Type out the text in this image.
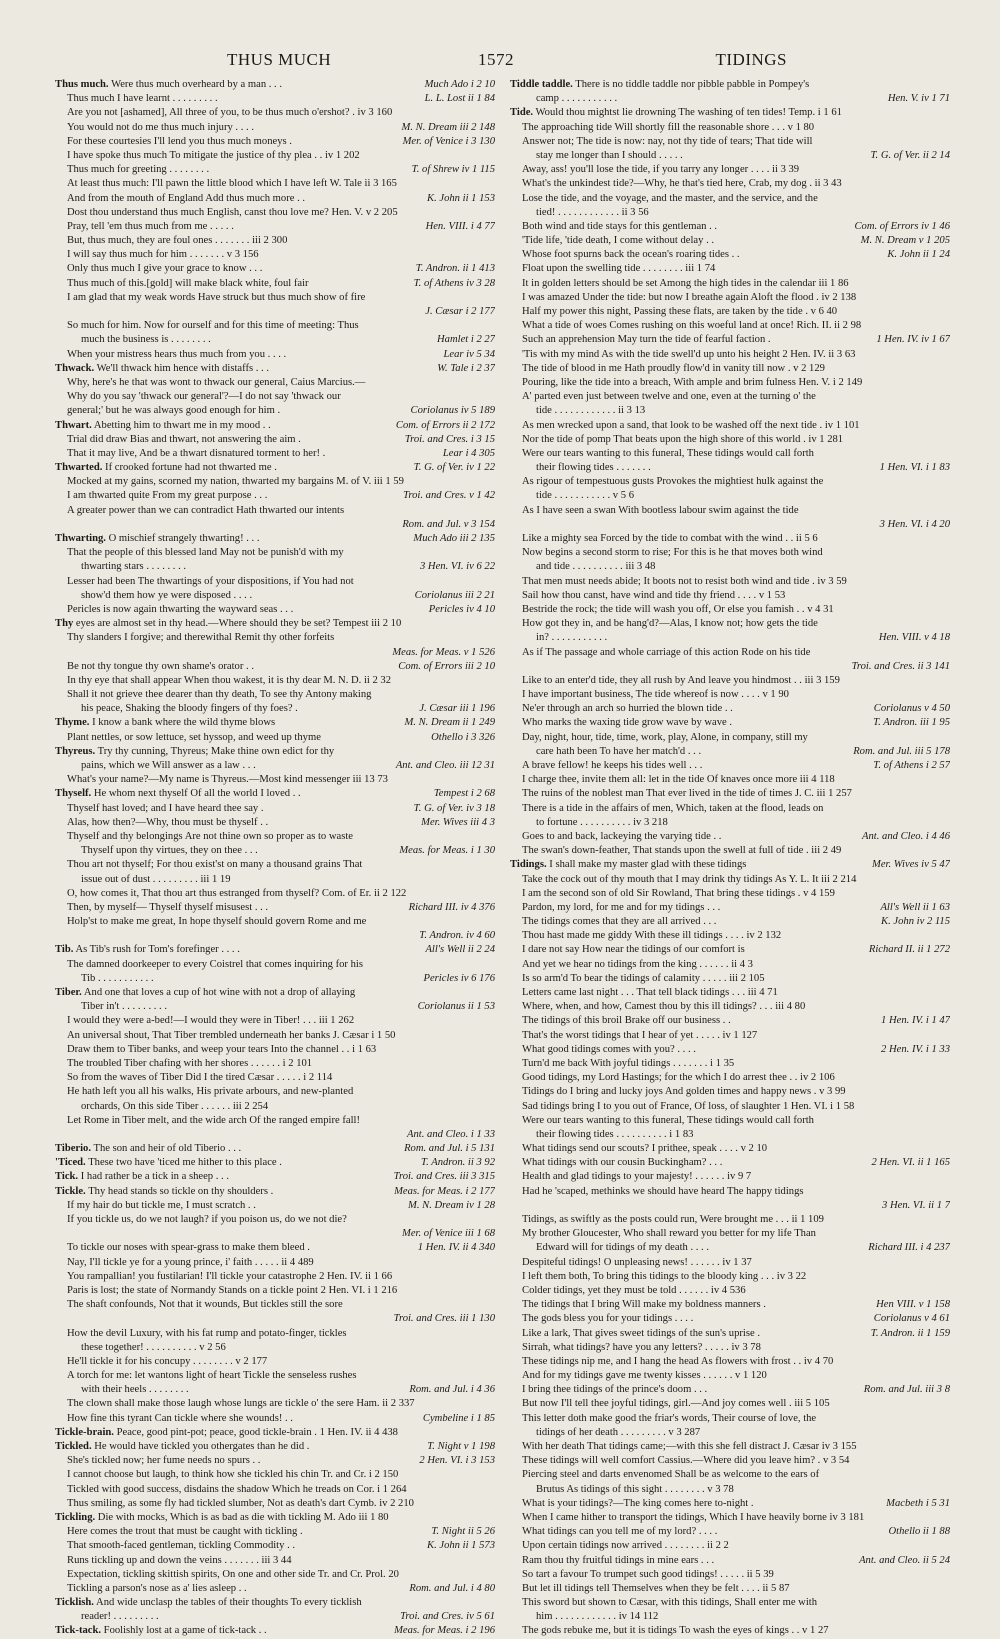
THUS MUCH	1572	TIDINGS
Thus much. Were thus much overheard by a man . . .	Much Ado i 2 10
Thus much I have learnt . . . . . . . . .	L. L. Lost ii 1 84
Are you not [ashamed], All three of you, to be thus much o'ershot? . iv 3 160
You would not do me thus much injury . . . .	M. N. Dream iii 2 148
For these courtesies I'll lend you thus much moneys .	Mer. of Venice i 3 130
I have spoke thus much To mitigate the justice of thy plea . . iv 1 202
Thus much for greeting . . . . . . . .	T. of Shrew iv 1 115
At least thus much: I'll pawn the little blood which I have left W. Tale ii 3 165
And from the mouth of England Add thus much more . .	K. John ii 1 153
Dost thou understand thus much English, canst thou love me? Hen. V. v 2 205
Pray, tell 'em thus much from me . . . . .	Hen. VIII. i 4 77
But, thus much, they are foul ones . . . . . . . iii 2 300
I will say thus much for him . . . . . . . v 3 156
Only thus much I give your grace to know . . .	T. Andron. ii 1 413
Thus much of this.[gold] will make black white, foul fair	T. of Athens iv 3 28
I am glad that my weak words Have struck but thus much show of fire
J. Cæsar i 2 177
So much for him. Now for ourself and for this time of meeting: Thus
much the business is . . . . . . . .	Hamlet i 2 27
When your mistress hears thus much from you . . . .	Lear iv 5 34
Thwack. We'll thwack him hence with distaffs . . .	W. Tale i 2 37
Why, here's he that was wont to thwack our general, Caius Marcius.—
Why do you say 'thwack our general'?—I do not say 'thwack our
general;' but he was always good enough for him .	Coriolanus iv 5 189
Thwart. Abetting him to thwart me in my mood . .	Com. of Errors ii 2 172
Trial did draw Bias and thwart, not answering the aim .	Troi. and Cres. i 3 15
That it may live, And be a thwart disnatured torment to her! .	Lear i 4 305
Thwarted. If crooked fortune had not thwarted me .	T. G. of Ver. iv 1 22
Mocked at my gains, scorned my nation, thwarted my bargains M. of V. iii 1 59
I am thwarted quite From my great purpose . . .	Troi. and Cres. v 1 42
A greater power than we can contradict Hath thwarted our intents
Rom. and Jul. v 3 154
Thwarting. O mischief strangely thwarting! . . .	Much Ado iii 2 135
That the people of this blessed land May not be punish'd with my
thwarting stars . . . . . . . .	3 Hen. VI. iv 6 22
Lesser had been The thwartings of your dispositions, if You had not
show'd them how ye were disposed . . . .	Coriolanus iii 2 21
Pericles is now again thwarting the wayward seas . . .	Pericles iv 4 10
Thy eyes are almost set in thy head.—Where should they be set? Tempest iii 2 10
Thy slanders I forgive; and therewithal Remit thy other forfeits
Meas. for Meas. v 1 526
Be not thy tongue thy own shame's orator . .	Com. of Errors iii 2 10
In thy eye that shall appear When thou wakest, it is thy dear M. N. D. ii 2 32
Shall it not grieve thee dearer than thy death, To see thy Antony making
his peace, Shaking the bloody fingers of thy foes? .	J. Cæsar iii 1 196
Thyme. I know a bank where the wild thyme blows	M. N. Dream ii 1 249
Plant nettles, or sow lettuce, set hyssop, and weed up thyme	Othello i 3 326
Thyreus. Try thy cunning, Thyreus; Make thine own edict for thy
pains, which we Will answer as a law . . .	Ant. and Cleo. iii 12 31
What's your name?—My name is Thyreus.—Most kind messenger iii 13 73
Thyself. He whom next thyself Of all the world I loved . .	Tempest i 2 68
Thyself hast loved; and I have heard thee say .	T. G. of Ver. iv 3 18
Alas, how then?—Why, thou must be thyself . .	Mer. Wives iii 4 3
Thyself and thy belongings Are not thine own so proper as to waste
Thyself upon thy virtues, they on thee . . .	Meas. for Meas. i 1 30
Thou art not thyself; For thou exist'st on many a thousand grains That
issue out of dust . . . . . . . . . iii 1 19
O, how comes it, That thou art thus estranged from thyself? Com. of Er. ii 2 122
Then, by myself— Thyself thyself misusest . . .	Richard III. iv 4 376
Holp'st to make me great, In hope thyself should govern Rome and me
T. Andron. iv 4 60
Tib. As Tib's rush for Tom's forefinger . . . .	All's Well ii 2 24
The damned doorkeeper to every Coistrel that comes inquiring for his
Tib . . . . . . . . . . .	Pericles iv 6 176
Tiber. And one that loves a cup of hot wine with not a drop of allaying
Tiber in't . . . . . . . . .	Coriolanus ii 1 53
I would they were a-bed!—I would they were in Tiber! . . . iii 1 262
An universal shout, That Tiber trembled underneath her banks J. Cæsar i 1 50
Draw them to Tiber banks, and weep your tears Into the channel . . i 1 63
The troubled Tiber chafing with her shores . . . . . . i 2 101
So from the waves of Tiber Did I the tired Cæsar . . . . . i 2 114
He hath left you all his walks, His private arbours, and new-planted
orchards, On this side Tiber . . . . . . iii 2 254
Let Rome in Tiber melt, and the wide arch Of the ranged empire fall!
Ant. and Cleo. i 1 33
Tiberio. The son and heir of old Tiberio . . .	Rom. and Jul. i 5 131
'Ticed. These two have 'ticed me hither to this place .	T. Andron. ii 3 92
Tick. I had rather be a tick in a sheep . . .	Troi. and Cres. iii 3 315
Tickle. Thy head stands so tickle on thy shoulders .	Meas. for Meas. i 2 177
If my hair do but tickle me, I must scratch . .	M. N. Dream iv 1 28
If you tickle us, do we not laugh? if you poison us, do we not die?
Mer. of Venice iii 1 68
To tickle our noses with spear-grass to make them bleed .	1 Hen. IV. ii 4 340
Nay, I'll tickle ye for a young prince, i' faith . . . . . ii 4 489
You rampallian! you fustilarian! I'll tickle your catastrophe 2 Hen. IV. ii 1 66
Paris is lost; the state of Normandy Stands on a tickle point 2 Hen. VI. i 1 216
The shaft confounds, Not that it wounds, But tickles still the sore
Troi. and Cres. iii 1 130
How the devil Luxury, with his fat rump and potato-finger, tickles
these together! . . . . . . . . . . v 2 56
He'll tickle it for his concupy . . . . . . . . v 2 177
A torch for me: let wantons light of heart Tickle the senseless rushes
with their heels . . . . . . . .	Rom. and Jul. i 4 36
The clown shall make those laugh whose lungs are tickle o' the sere Ham. ii 2 337
How fine this tyrant Can tickle where she wounds! . .	Cymbeline i 1 85
Tickle-brain. Peace, good pint-pot; peace, good tickle-brain . 1 Hen. IV. ii 4 438
Tickled. He would have tickled you othergates than he did .	T. Night v 1 198
She's tickled now; her fume needs no spurs . .	2 Hen. VI. i 3 153
I cannot choose but laugh, to think how she tickled his chin Tr. and Cr. i 2 150
Tickled with good success, disdains the shadow Which he treads on Cor. i 1 264
Thus smiling, as some fly had tickled slumber, Not as death's dart Cymb. iv 2 210
Tickling. Die with mocks, Which is as bad as die with tickling M. Ado iii 1 80
Here comes the trout that must be caught with tickling .	T. Night ii 5 26
That smooth-faced gentleman, tickling Commodity . .	K. John ii 1 573
Runs tickling up and down the veins . . . . . . . iii 3 44
Expectation, tickling skittish spirits, On one and other side Tr. and Cr. Prol. 20
Tickling a parson's nose as a' lies asleep . .	Rom. and Jul. i 4 80
Ticklish. And wide unclasp the tables of their thoughts To every ticklish
reader! . . . . . . . . .	Troi. and Cres. iv 5 61
Tick-tack. Foolishly lost at a game of tick-tack . .	Meas. for Meas. i 2 196
Tiddle taddle. There is no tiddle taddle nor pibble pabble in Pompey's
camp . . . . . . . . . . .	Hen. V. iv 1 71
Tide. Would thou mightst lie drowning The washing of ten tides! Temp. i 1 61
The approaching tide Will shortly fill the reasonable shore . . . v 1 80
Answer not; The tide is now: nay, not thy tide of tears; That tide will
stay me longer than I should . . . . .	T. G. of Ver. ii 2 14
Away, ass! you'll lose the tide, if you tarry any longer . . . . ii 3 39
What's the unkindest tide?—Why, he that's tied here, Crab, my dog . ii 3 43
Lose the tide, and the voyage, and the master, and the service, and the
tied! . . . . . . . . . . . . ii 3 56
Both wind and tide stays for this gentleman . .	Com. of Errors iv 1 46
'Tide life, 'tide death, I come without delay . .	M. N. Dream v 1 205
Whose foot spurns back the ocean's roaring tides . .	K. John ii 1 24
Float upon the swelling tide . . . . . . . . iii 1 74
It in golden letters should be set Among the high tides in the calendar iii 1 86
I was amazed Under the tide: but now I breathe again Aloft the flood . iv 2 138
Half my power this night, Passing these flats, are taken by the tide . v 6 40
What a tide of woes Comes rushing on this woeful land at once! Rich. II. ii 2 98
Such an apprehension May turn the tide of fearful faction .	1 Hen. IV. iv 1 67
'Tis with my mind As with the tide swell'd up unto his height 2 Hen. IV. ii 3 63
The tide of blood in me Hath proudly flow'd in vanity till now . v 2 129
Pouring, like the tide into a breach, With ample and brim fulness Hen. V. i 2 149
A' parted even just between twelve and one, even at the turning o' the
tide . . . . . . . . . . . . ii 3 13
As men wrecked upon a sand, that look to be washed off the next tide . iv 1 101
Nor the tide of pomp That beats upon the high shore of this world . iv 1 281
Were our tears wanting to this funeral, These tidings would call forth
their flowing tides . . . . . . .	1 Hen. VI. i 1 83
As rigour of tempestuous gusts Provokes the mightiest hulk against the
tide . . . . . . . . . . . v 5 6
As I have seen a swan With bootless labour swim against the tide
3 Hen. VI. i 4 20
Like a mighty sea Forced by the tide to combat with the wind . . ii 5 6
Now begins a second storm to rise; For this is he that moves both wind
and tide . . . . . . . . . . iii 3 48
That men must needs abide; It boots not to resist both wind and tide . iv 3 59
Sail how thou canst, have wind and tide thy friend . . . . v 1 53
Bestride the rock; the tide will wash you off, Or else you famish . . v 4 31
How got they in, and be hang'd?—Alas, I know not; how gets the tide
in? . . . . . . . . . . .	Hen. VIII. v 4 18
As if The passage and whole carriage of this action Rode on his tide
Troi. and Cres. ii 3 141
Like to an enter'd tide, they all rush by And leave you hindmost . . iii 3 159
I have important business, The tide whereof is now . . . . v 1 90
Ne'er through an arch so hurried the blown tide . .	Coriolanus v 4 50
Who marks the waxing tide grow wave by wave .	T. Andron. iii 1 95
Day, night, hour, tide, time, work, play, Alone, in company, still my
care hath been To have her match'd . . .	Rom. and Jul. iii 5 178
A brave fellow! he keeps his tides well . . .	T. of Athens i 2 57
I charge thee, invite them all: let in the tide Of knaves once more iii 4 118
The ruins of the noblest man That ever lived in the tide of times J. C. iii 1 257
There is a tide in the affairs of men, Which, taken at the flood, leads on
to fortune . . . . . . . . . . iv 3 218
Goes to and back, lackeying the varying tide . .	Ant. and Cleo. i 4 46
The swan's down-feather, That stands upon the swell at full of tide . iii 2 49
Tidings. I shall make my master glad with these tidings	Mer. Wives iv 5 47
Take the cock out of thy mouth that I may drink thy tidings As Y. L. It iii 2 214
I am the second son of old Sir Rowland, That bring these tidings . v 4 159
Pardon, my lord, for me and for my tidings . . .	All's Well ii 1 63
The tidings comes that they are all arrived . . .	K. John iv 2 115
Thou hast made me giddy With these ill tidings . . . . iv 2 132
I dare not say How near the tidings of our comfort is	Richard II. ii 1 272
And yet we hear no tidings from the king . . . . . . ii 4 3
Is so arm'd To bear the tidings of calamity . . . . . iii 2 105
Letters came last night . . . That tell black tidings . . . iii 4 71
Where, when, and how, Camest thou by this ill tidings? . . . iii 4 80
The tidings of this broil Brake off our business . .	1 Hen. IV. i 1 47
That's the worst tidings that I hear of yet . . . . . iv 1 127
What good tidings comes with you? . . . .	2 Hen. IV. i 1 33
Turn'd me back With joyful tidings . . . . . . . i 1 35
Good tidings, my Lord Hastings; for the which I do arrest thee . . iv 2 106
Tidings do I bring and lucky joys And golden times and happy news . v 3 99
Sad tidings bring I to you out of France, Of loss, of slaughter 1 Hen. VI. i 1 58
Were our tears wanting to this funeral, These tidings would call forth
their flowing tides . . . . . . . . . . i 1 83
What tidings send our scouts? I prithee, speak . . . . v 2 10
What tidings with our cousin Buckingham? . . .	2 Hen. VI. ii 1 165
Health and glad tidings to your majesty! . . . . . . iv 9 7
Had he 'scaped, methinks we should have heard The happy tidings
3 Hen. VI. ii 1 7
Tidings, as swiftly as the posts could run, Were brought me . . . ii 1 109
My brother Gloucester, Who shall reward you better for my life Than
Edward will for tidings of my death . . . .	Richard III. i 4 237
Despiteful tidings! O unpleasing news! . . . . . . iv 1 37
I left them both, To bring this tidings to the bloody king . . . iv 3 22
Colder tidings, yet they must be told . . . . . . iv 4 536
The tidings that I bring Will make my boldness manners .	Hen VIII. v 1 158
The gods bless you for your tidings . . . .	Coriolanus v 4 61
Like a lark, That gives sweet tidings of the sun's uprise .	T. Andron. ii 1 159
Sirrah, what tidings? have you any letters? . . . . . iv 3 78
These tidings nip me, and I hang the head As flowers with frost . . iv 4 70
And for my tidings gave me twenty kisses . . . . . . v 1 120
I bring thee tidings of the prince's doom . . .	Rom. and Jul. iii 3 8
But now I'll tell thee joyful tidings, girl.—And joy comes well . iii 5 105
This letter doth make good the friar's words, Their course of love, the
tidings of her death . . . . . . . . . v 3 287
With her death That tidings came;—with this she fell distract J. Cæsar iv 3 155
These tidings will well comfort Cassius.—Where did you leave him? . v 3 54
Piercing steel and darts envenomed Shall be as welcome to the ears of
Brutus As tidings of this sight . . . . . . . . v 3 78
What is your tidings?—The king comes here to-night .	Macbeth i 5 31
When I came hither to transport the tidings, Which I have heavily borne iv 3 181
What tidings can you tell me of my lord? . . . .	Othello ii 1 88
Upon certain tidings now arrived . . . . . . . . ii 2 2
Ram thou thy fruitful tidings in mine ears . . .	Ant. and Cleo. ii 5 24
So tart a favour To trumpet such good tidings! . . . . . ii 5 39
But let ill tidings tell Themselves when they be felt . . . . ii 5 87
This sword but shown to Cæsar, with this tidings, Shall enter me with
him . . . . . . . . . . . . iv 14 112
The gods rebuke me, but it is tidings To wash the eyes of kings . . v 1 27
